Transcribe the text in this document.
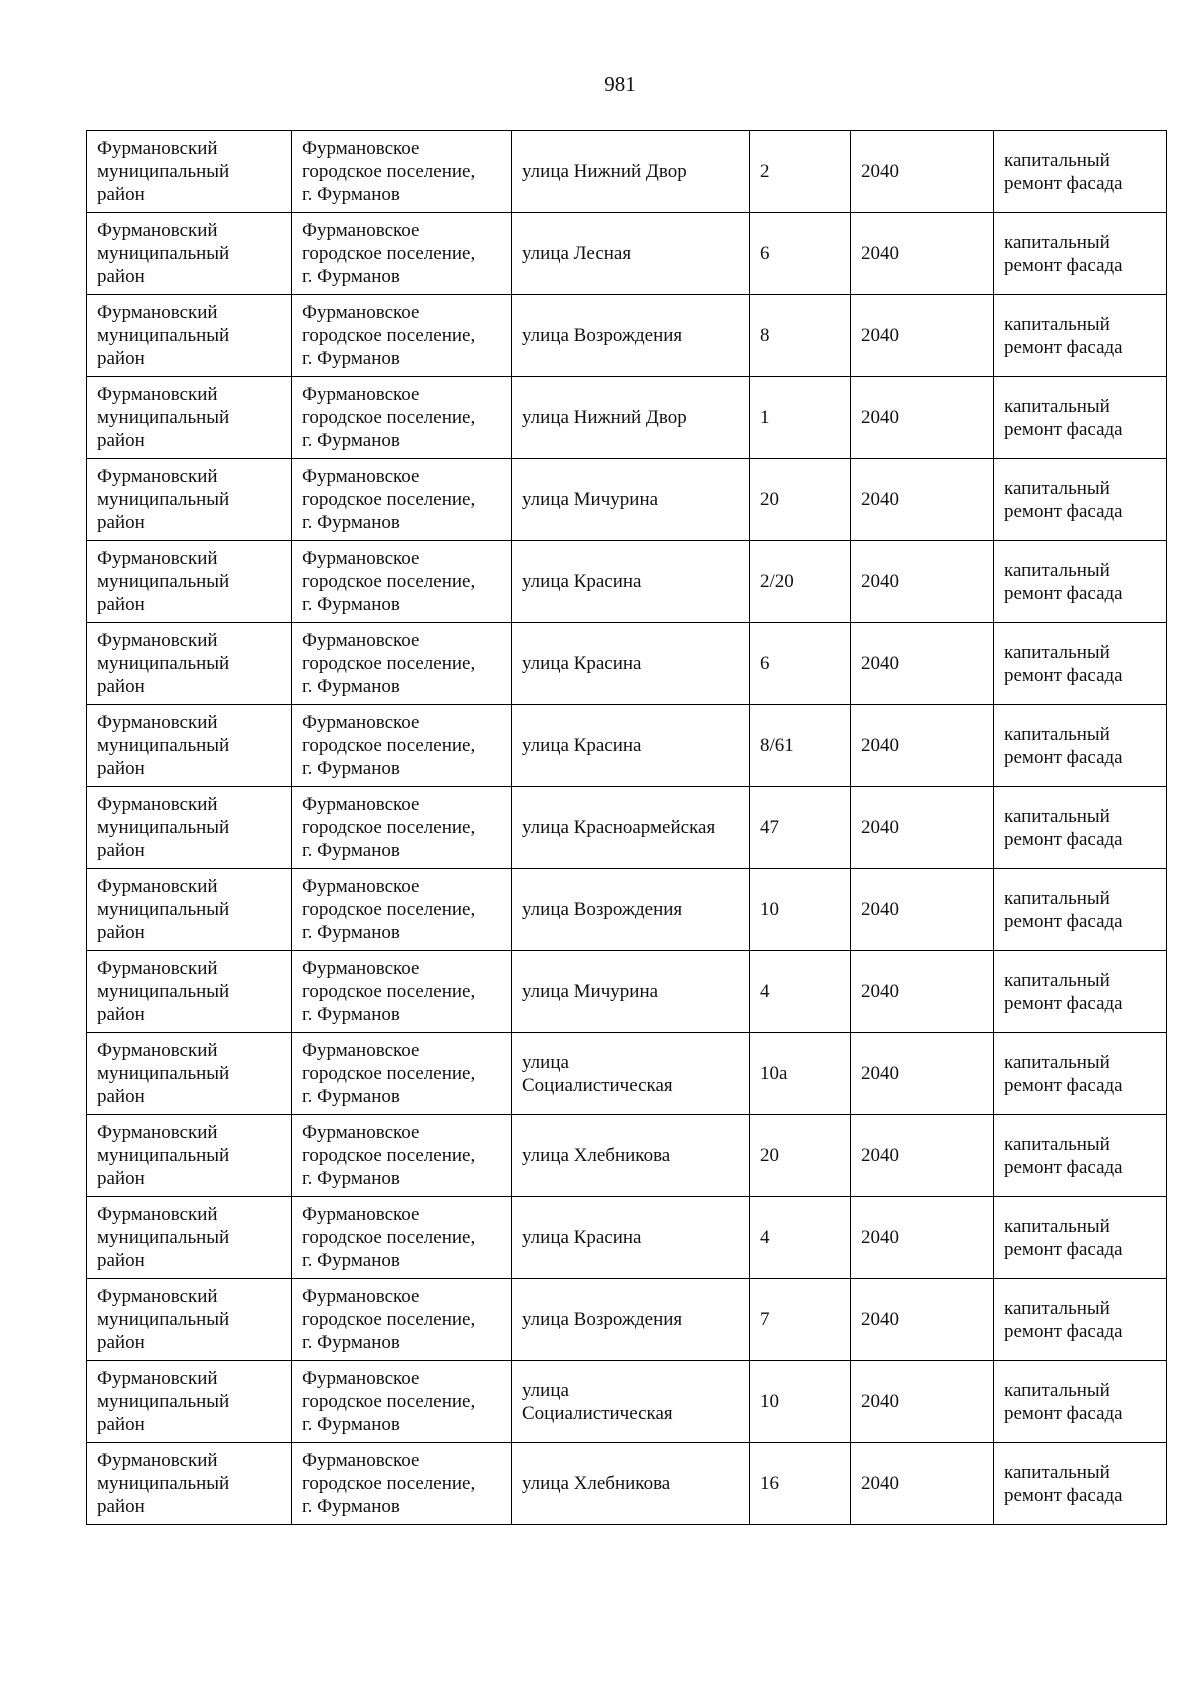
981
Фурмановский
муниципальный
район	Фурмановское
городское поселение,
г. Фурманов	улица Нижний Двор	2	2040	капитальный
ремонт фасада
Фурмановский
муниципальный
район	Фурмановское
городское поселение,
г. Фурманов	улица Лесная	6	2040	капитальный
ремонт фасада
Фурмановский
муниципальный
район	Фурмановское
городское поселение,
г. Фурманов	улица Возрождения	8	2040	капитальный
ремонт фасада
Фурмановский
муниципальный
район	Фурмановское
городское поселение,
г. Фурманов	улица Нижний Двор	1	2040	капитальный
ремонт фасада
Фурмановский
муниципальный
район	Фурмановское
городское поселение,
г. Фурманов	улица Мичурина	20	2040	капитальный
ремонт фасада
Фурмановский
муниципальный
район	Фурмановское
городское поселение,
г. Фурманов	улица Красина	2/20	2040	капитальный
ремонт фасада
Фурмановский
муниципальный
район	Фурмановское
городское поселение,
г. Фурманов	улица Красина	6	2040	капитальный
ремонт фасада
Фурмановский
муниципальный
район	Фурмановское
городское поселение,
г. Фурманов	улица Красина	8/61	2040	капитальный
ремонт фасада
Фурмановский
муниципальный
район	Фурмановское
городское поселение,
г. Фурманов	улица Красноармейская	47	2040	капитальный
ремонт фасада
Фурмановский
муниципальный
район	Фурмановское
городское поселение,
г. Фурманов	улица Возрождения	10	2040	капитальный
ремонт фасада
Фурмановский
муниципальный
район	Фурмановское
городское поселение,
г. Фурманов	улица Мичурина	4	2040	капитальный
ремонт фасада
Фурмановский
муниципальный
район	Фурмановское
городское поселение,
г. Фурманов	улица
Социалистическая	10а	2040	капитальный
ремонт фасада
Фурмановский
муниципальный
район	Фурмановское
городское поселение,
г. Фурманов	улица Хлебникова	20	2040	капитальный
ремонт фасада
Фурмановский
муниципальный
район	Фурмановское
городское поселение,
г. Фурманов	улица Красина	4	2040	капитальный
ремонт фасада
Фурмановский
муниципальный
район	Фурмановское
городское поселение,
г. Фурманов	улица Возрождения	7	2040	капитальный
ремонт фасада
Фурмановский
муниципальный
район	Фурмановское
городское поселение,
г. Фурманов	улица
Социалистическая	10	2040	капитальный
ремонт фасада
Фурмановский
муниципальный
район	Фурмановское
городское поселение,
г. Фурманов	улица Хлебникова	16	2040	капитальный
ремонт фасада
